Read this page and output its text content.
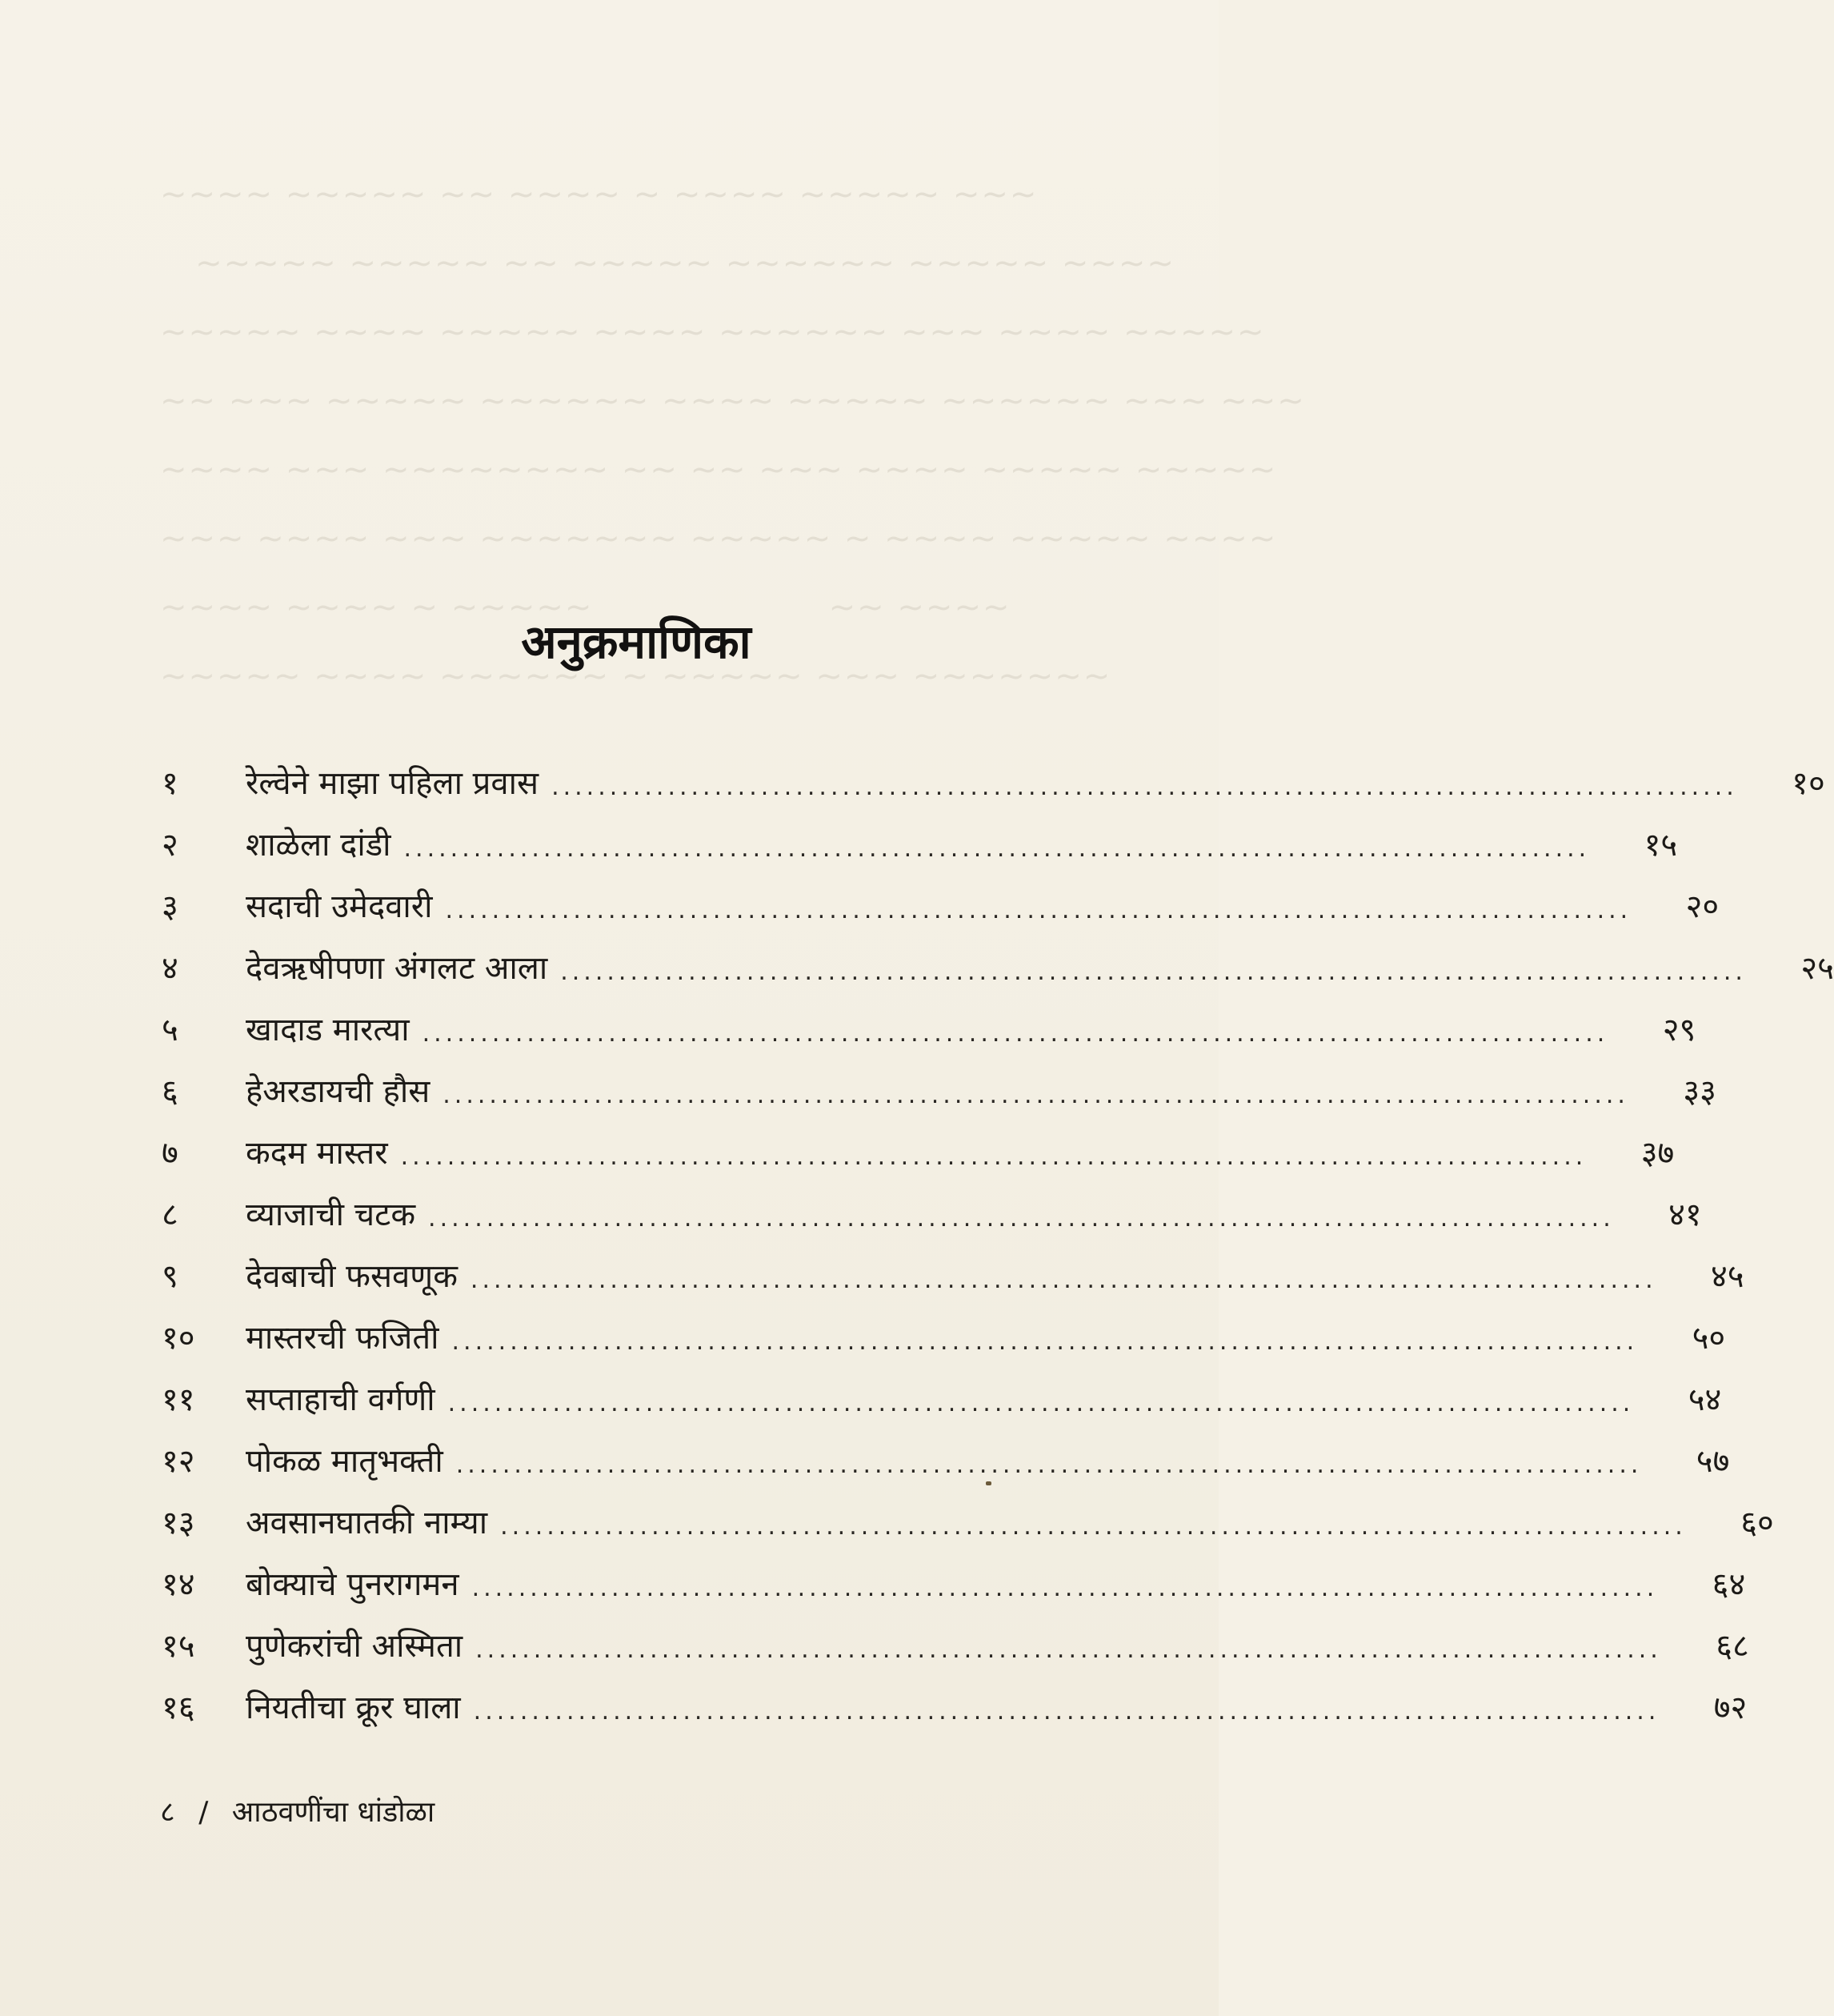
~~~~ ~~~~~ ~~ ~~~~ ~ ~~~~ ~~~~~ ~~~
~~~~~ ~~~~~ ~~ ~~~~~ ~~~~~~ ~~~~~ ~~~~
~~~~~ ~~~~ ~~~~~ ~~~~ ~~~~~~ ~~~ ~~~~ ~~~~~
~~ ~~~ ~~~~~ ~~~~~~ ~~~~ ~~~~~ ~~~~~~ ~~~ ~~~
~~~~ ~~~ ~~~~~~~~ ~~ ~~ ~~~ ~~~~ ~~~~~ ~~~~~
~~~ ~~~~ ~~~ ~~~~~~~ ~~~~~ ~ ~~~~ ~~~~~ ~~~~
~~~~ ~~~~ ~ ~~~~~                    ~~ ~~~~
~~~~~ ~~~~ ~~~~~~ ~ ~~~~~ ~~~ ~~~~~~~
अनुक्रमाणिका
१	रेल्वेने माझा पहिला प्रवास ......................................................................................................	१०
२	शाळेला दांडी ......................................................................................................	१५
३	सदाची उमेदवारी ......................................................................................................	२०
४	देवऋषीपणा अंगलट आला ......................................................................................................	२५
५	खादाड मारत्या ......................................................................................................	२९
६	हेअरडायची हौस ......................................................................................................	३३
७	कदम मास्तर ......................................................................................................	३७
८	व्याजाची चटक ......................................................................................................	४१
९	देवबाची फसवणूक ......................................................................................................	४५
१०	मास्तरची फजिती ......................................................................................................	५०
११	सप्ताहाची वर्गणी ......................................................................................................	५४
१२	पोकळ मातृभक्ती ......................................................................................................	५७
१३	अवसानघातकी नाम्या ......................................................................................................	६०
१४	बोक्याचे पुनरागमन ......................................................................................................	६४
१५	पुणेकरांची अस्मिता ......................................................................................................	६८
१६	नियतीचा क्रूर घाला ......................................................................................................	७२
८ / आठवणींचा धांडोळा
